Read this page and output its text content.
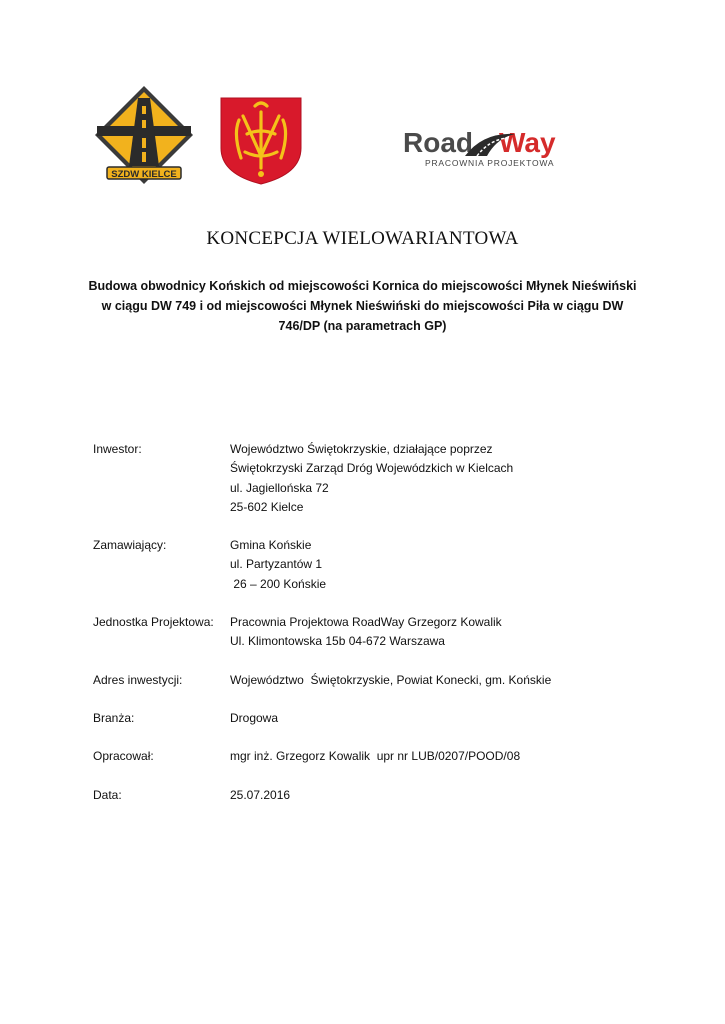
SZDW KIELCE
Road Way
PRACOWNIA PROJEKTOWA
KONCEPCJA WIELOWARIANTOWA
Budowa obwodnicy Końskich od miejscowości Kornica do miejscowości Młynek Nieświński
w ciągu DW 749 i od miejscowości Młynek Nieświński do miejscowości Piła w ciągu DW
746/DP (na parametrach GP)
Inwestor:	Województwo Świętokrzyskie, działające poprzez
Świętokrzyski Zarząd Dróg Wojewódzkich w Kielcach
ul. Jagiellońska 72
25-602 Kielce
Zamawiający:	Gmina Końskie
ul. Partyzantów 1
26 – 200 Końskie
Jednostka Projektowa:	Pracownia Projektowa RoadWay Grzegorz Kowalik
Ul. Klimontowska 15b 04-672 Warszawa
Adres inwestycji:	Województwo  Świętokrzyskie, Powiat Konecki, gm. Końskie
Branża:	Drogowa
Opracował:	mgr inż. Grzegorz Kowalik  upr nr LUB/0207/POOD/08
Data:	25.07.2016
